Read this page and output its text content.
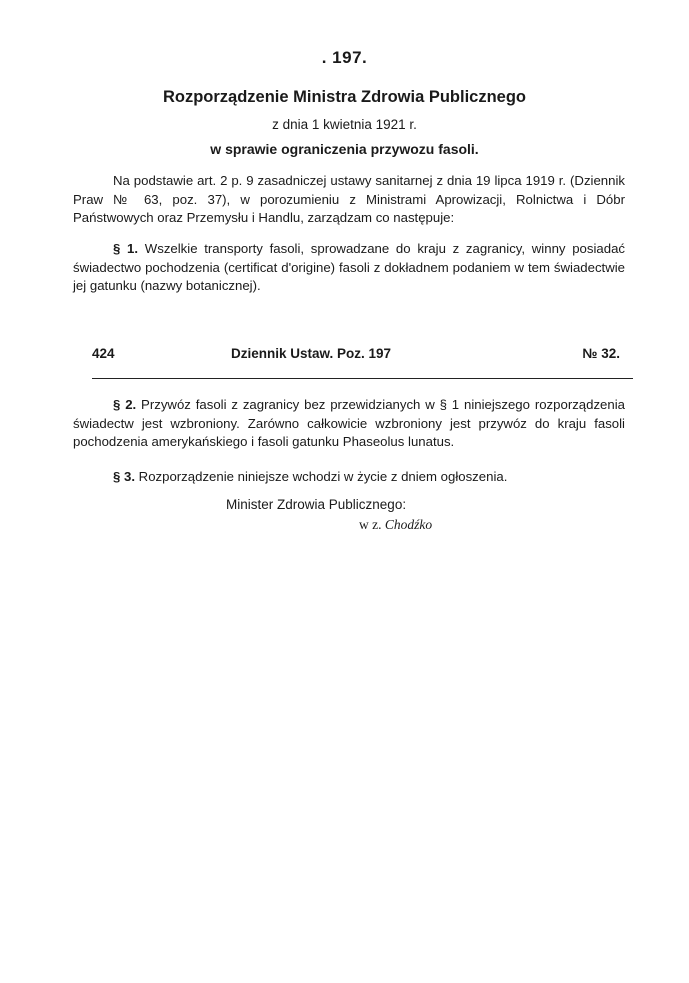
. 197.
Rozporządzenie Ministra Zdrowia Publicznego
z dnia 1 kwietnia 1921 r.
w sprawie ograniczenia przywozu fasoli.

Na podstawie art. 2 p. 9 zasadniczej ustawy sanitarnej z dnia 19 lipca 1919 r. (Dziennik Praw № 63, poz. 37), w porozumieniu z Ministrami Aprowizacji, Rolnictwa i Dóbr Państwowych oraz Przemysłu i Handlu, zarządzam co następuje:

§ 1. Wszelkie transporty fasoli, sprowadzane do kraju z zagranicy, winny posiadać świadectwo pochodzenia (certificat d'origine) fasoli z dokładnem podaniem w tem świadectwie jej gatunku (nazwy botanicznej).

424	Dziennik Ustaw. Poz. 197	№ 32.

§ 2. Przywóz fasoli z zagranicy bez przewidzianych w § 1 niniejszego rozporządzenia świadectw jest wzbroniony. Zarówno całkowicie wzbroniony jest przywóz do kraju fasoli pochodzenia amerykańskiego i fasoli gatunku Phaseolus lunatus.

§ 3. Rozporządzenie niniejsze wchodzi w życie z dniem ogłoszenia.

Minister Zdrowia Publicznego:
w z. Chodźko
